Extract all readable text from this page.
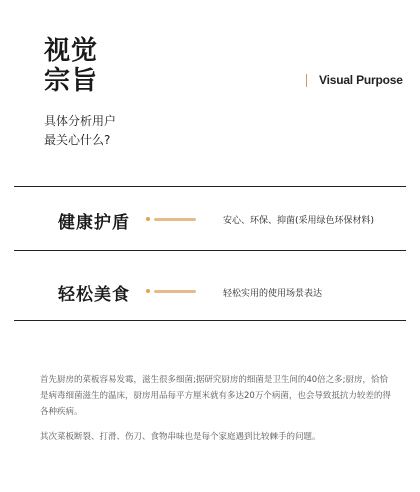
视觉
宗旨	Visual Purpose
具体分析用户
最关心什么?
健康护盾	安心、环保、抑菌(采用绿色环保材料)
轻松美食	轻松实用的使用场景表达

首先厨房的菜板容易发霉，滋生很多细菌;据研究厨房的细菌是卫生间的40倍之多;厨房，恰恰是病毒细菌滋生的温床，厨房用品每平方厘米就有多达20万个病菌，也会导致抵抗力较差的得各种疾病。

其次菜板断裂、打滑、伤刀、食物串味也是每个家庭遇到比较棘手的问题。
